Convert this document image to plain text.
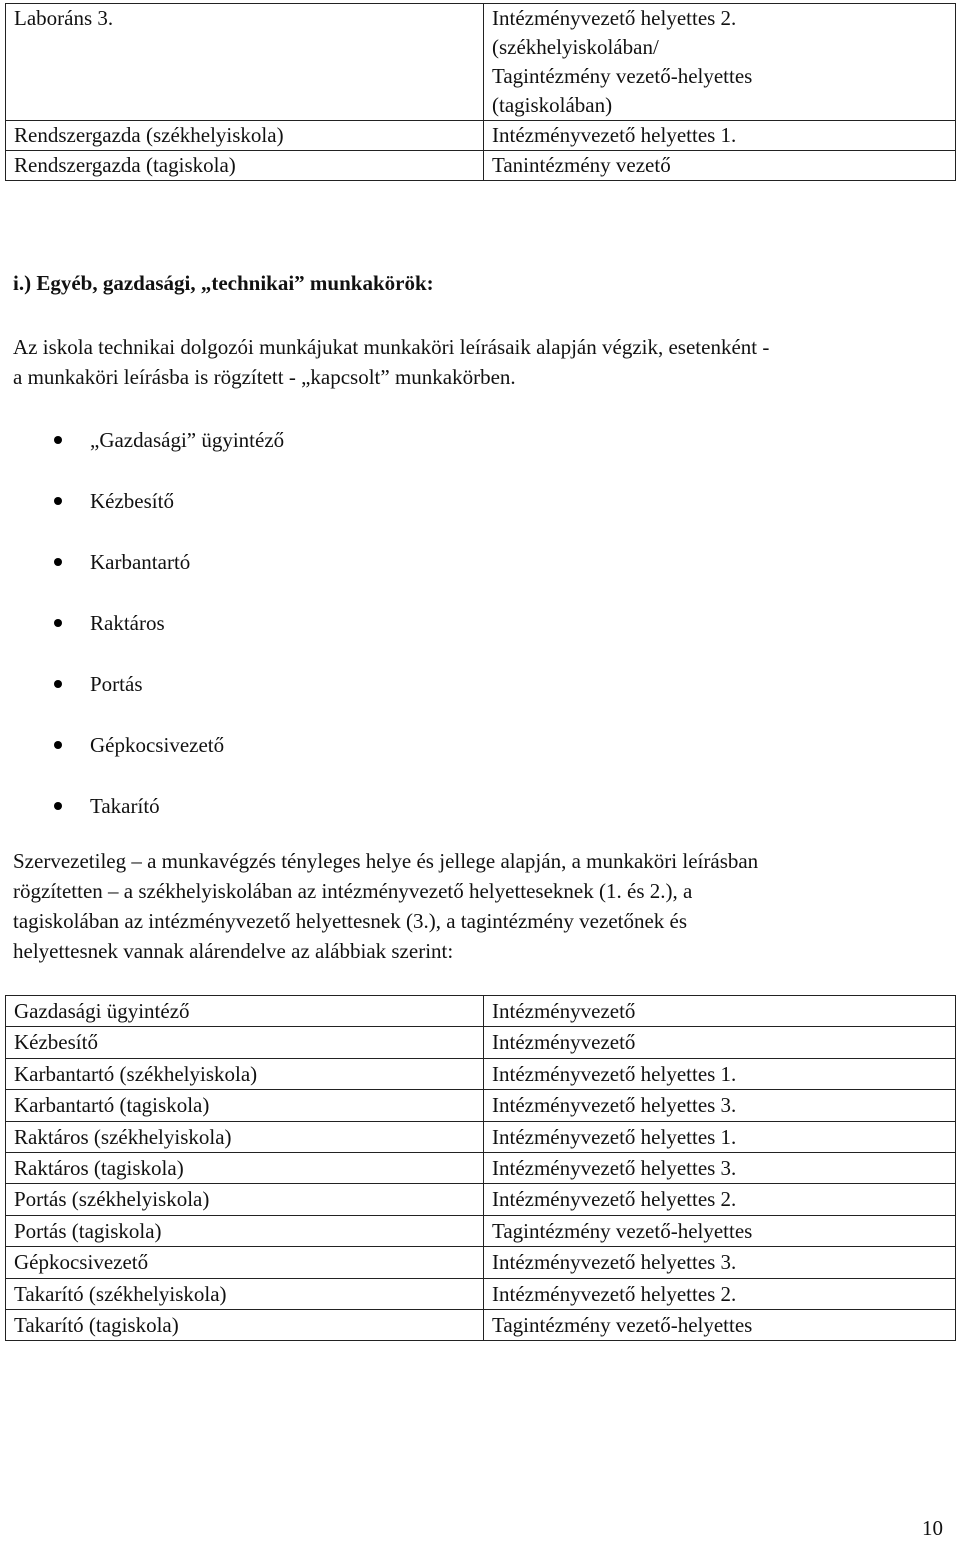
Laboráns 3.	Intézményvezető helyettes 2.
(székhelyiskolában/
Tagintézmény vezető-helyettes
(tagiskolában)

Rendszergazda (székhelyiskola)	Intézményvezető helyettes 1.

Rendszergazda (tagiskola)	Tanintézmény vezető
i.) Egyéb, gazdasági, „technikai” munkakörök:
Az iskola technikai dolgozói munkájukat munkaköri leírásaik alapján végzik, esetenként -
a munkaköri leírásba is rögzített - „kapcsolt” munkakörben.
„Gazdasági” ügyintéző
Kézbesítő
Karbantartó
Raktáros
Portás
Gépkocsivezető
Takarító
Szervezetileg – a munkavégzés tényleges helye és jellege alapján, a munkaköri leírásban
rögzítetten – a székhelyiskolában az intézményvezető helyetteseknek (1. és 2.), a
tagiskolában az intézményvezető helyettesnek (3.), a tagintézmény vezetőnek és
helyettesnek vannak alárendelve az alábbiak szerint:
Gazdasági ügyintéző	Intézményvezető
Kézbesítő	Intézményvezető
Karbantartó (székhelyiskola)	Intézményvezető helyettes 1.
Karbantartó (tagiskola)	Intézményvezető helyettes 3.
Raktáros (székhelyiskola)	Intézményvezető helyettes 1.
Raktáros (tagiskola)	Intézményvezető helyettes 3.
Portás (székhelyiskola)	Intézményvezető helyettes 2.
Portás (tagiskola)	Tagintézmény vezető-helyettes
Gépkocsivezető	Intézményvezető helyettes 3.
Takarító (székhelyiskola)	Intézményvezető helyettes 2.
Takarító (tagiskola)	Tagintézmény vezető-helyettes
10
